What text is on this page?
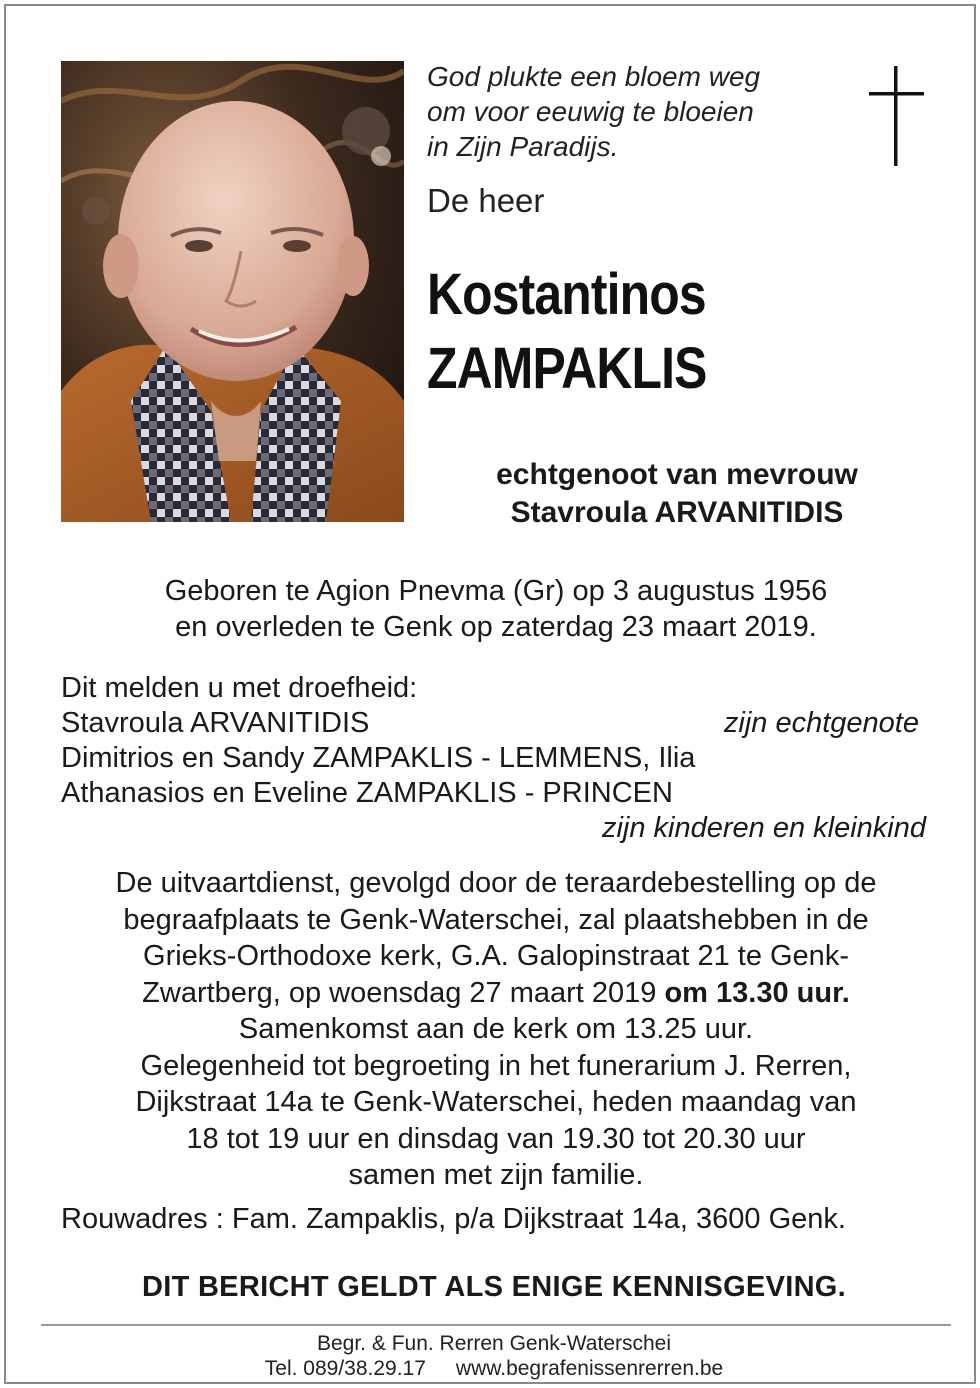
God plukte een bloem weg
om voor eeuwig te bloeien
in Zijn Paradijs.
De heer
Kostantinos
ZAMPAKLIS
echtgenoot van mevrouw
Stavroula ARVANITIDIS
Geboren te Agion Pnevma (Gr) op 3 augustus 1956
en overleden te Genk op zaterdag 23 maart 2019.
Dit melden u met droefheid:
Stavroula ARVANITIDIS	zijn echtgenote
Dimitrios en Sandy ZAMPAKLIS - LEMMENS, Ilia
Athanasios en Eveline ZAMPAKLIS - PRINCEN
zijn kinderen en kleinkind
De uitvaartdienst, gevolgd door de teraardebestelling op de
begraafplaats te Genk-Waterschei, zal plaatshebben in de
Grieks-Orthodoxe kerk, G.A. Galopinstraat 21 te Genk-
Zwartberg, op woensdag 27 maart 2019 om 13.30 uur.
Samenkomst aan de kerk om 13.25 uur.
Gelegenheid tot begroeting in het funerarium J. Rerren,
Dijkstraat 14a te Genk-Waterschei, heden maandag van
18 tot 19 uur en dinsdag van 19.30 tot 20.30 uur
samen met zijn familie.
Rouwadres : Fam. Zampaklis, p/a Dijkstraat 14a, 3600 Genk.
DIT BERICHT GELDT ALS ENIGE KENNISGEVING.
Begr. & Fun. Rerren Genk-Waterschei
Tel. 089/38.29.17 www.begrafenissenrerren.be
